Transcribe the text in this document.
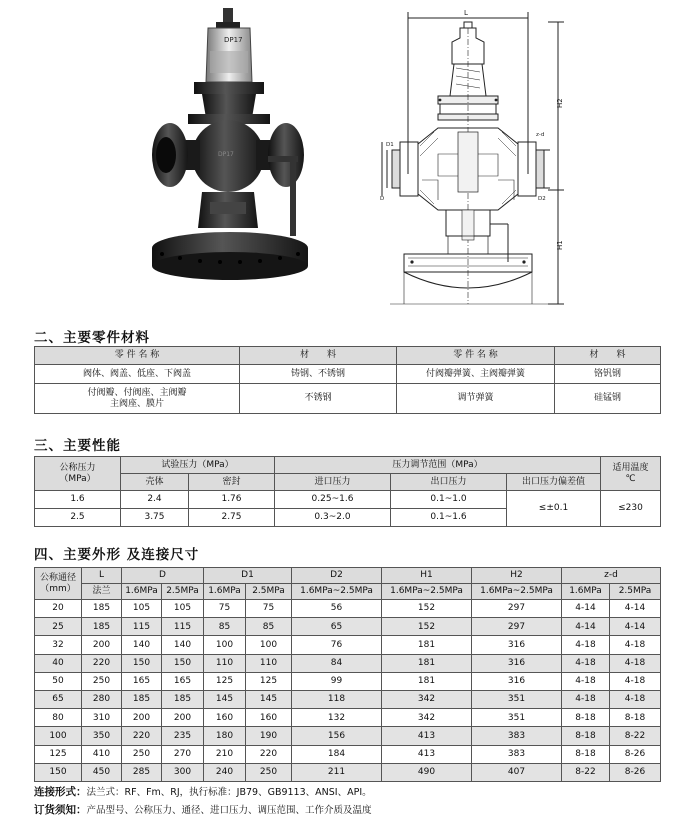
DP17
DP17
L
H2
H1
D
D1
D2
z-d
二、主要零件材料
零 件 名 称	材　　料	零 件 名 称	材　　料
阀体、阀盖、低座、下阀盖	铸钢、不锈钢	付阀瓣弹簧、主阀瓣弹簧	铬钒钢
付阀瓣、付阀座、主阀瓣
主阀座、膜片	不锈钢	调节弹簧	硅锰钢
三、主要性能
公称压力
（MPa）	试验压力（MPa）		压力调节范围（MPa）			适用温度
℃
	壳体	密封	进口压力	出口压力	出口压力偏差值	
1.6	2.4	1.76	0.25~1.6	0.1~1.0	≤±0.1	≤230
2.5	3.75	2.75	0.3~2.0	0.1~1.6		
四、主要外形 及连接尺寸
公称通径
（mm）	L	D		D1		D2	H1	H2	z-d	
	法兰	1.6MPa	2.5MPa	1.6MPa	2.5MPa	1.6MPa~2.5MPa	1.6MPa~2.5MPa	1.6MPa~2.5MPa	1.6MPa	2.5MPa
20	185	105	105	75	75	56	152	297	4-14	4-14
25	185	115	115	85	85	65	152	297	4-14	4-14
32	200	140	140	100	100	76	181	316	4-18	4-18
40	220	150	150	110	110	84	181	316	4-18	4-18
50	250	165	165	125	125	99	181	316	4-18	4-18
65	280	185	185	145	145	118	342	351	4-18	4-18
80	310	200	200	160	160	132	342	351	8-18	8-18
100	350	220	235	180	190	156	413	383	8-18	8-22
125	410	250	270	210	220	184	413	383	8-18	8-26
150	450	285	300	240	250	211	490	407	8-22	8-26
连接形式：法兰式：RF、Fm、RJ，执行标准：JB79、GB9113、ANSI、API。
订货须知：产品型号、公称压力、通径、进口压力、调压范围、工作介质及温度
